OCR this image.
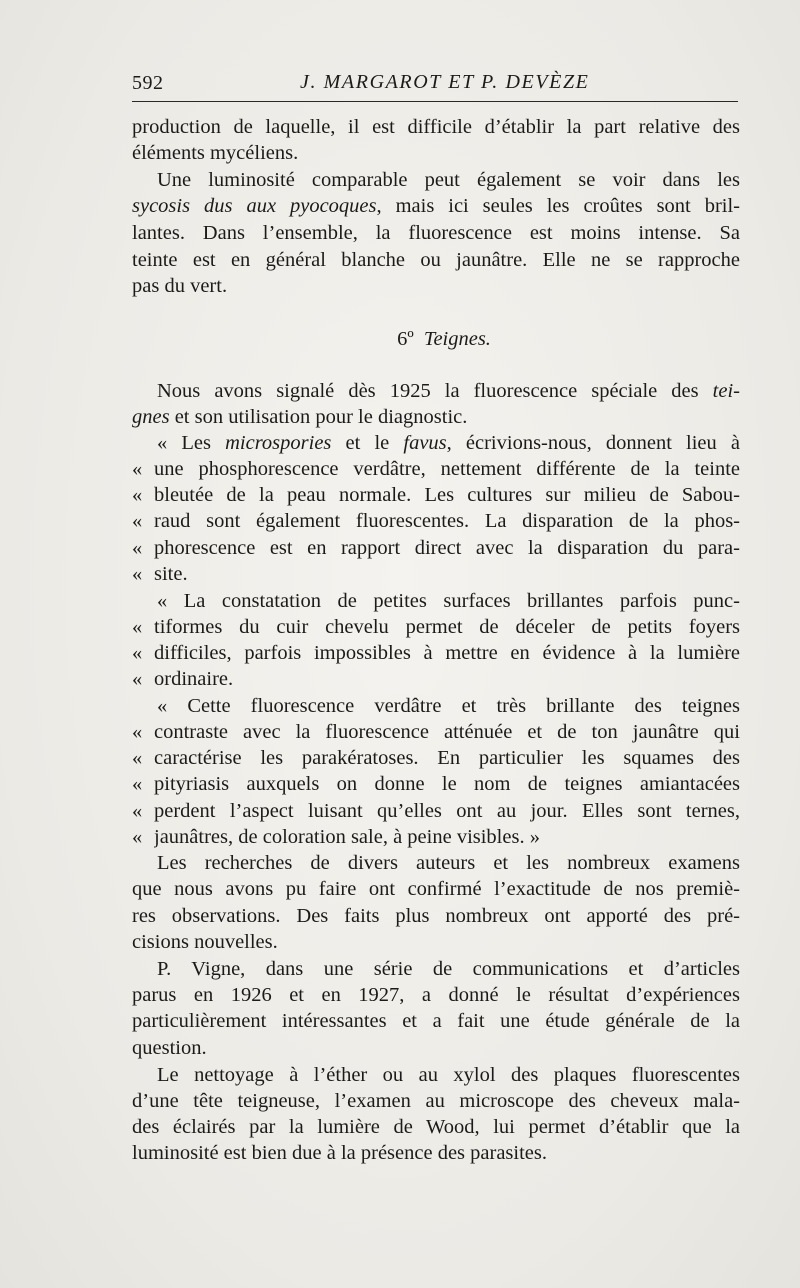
592	J. MARGAROT ET P. DEVÈZE
production de laquelle, il est difficile d’établir la part relative des
éléments mycéliens.
Une luminosité comparable peut également se voir dans les
sycosis dus aux pyocoques, mais ici seules les croûtes sont bril-
lantes. Dans l’ensemble, la fluorescence est moins intense. Sa
teinte est en général blanche ou jaunâtre. Elle ne se rapproche
pas du vert.
6º Teignes.
Nous avons signalé dès 1925 la fluorescence spéciale des tei-
gnes et son utilisation pour le diagnostic.
« Les microspories et le favus, écrivions-nous, donnent lieu à
« une phosphorescence verdâtre, nettement différente de la teinte
« bleutée de la peau normale. Les cultures sur milieu de Sabou-
« raud sont également fluorescentes. La disparation de la phos-
« phorescence est en rapport direct avec la disparation du para-
« site.
« La constatation de petites surfaces brillantes parfois punc-
« tiformes du cuir chevelu permet de déceler de petits foyers
« difficiles, parfois impossibles à mettre en évidence à la lumière
« ordinaire.
« Cette fluorescence verdâtre et très brillante des teignes
« contraste avec la fluorescence atténuée et de ton jaunâtre qui
« caractérise les parakératoses. En particulier les squames des
« pityriasis auxquels on donne le nom de teignes amiantacées
« perdent l’aspect luisant qu’elles ont au jour. Elles sont ternes,
« jaunâtres, de coloration sale, à peine visibles. »
Les recherches de divers auteurs et les nombreux examens
que nous avons pu faire ont confirmé l’exactitude de nos premiè-
res observations. Des faits plus nombreux ont apporté des pré-
cisions nouvelles.
P. Vigne, dans une série de communications et d’articles
parus en 1926 et en 1927, a donné le résultat d’expériences
particulièrement intéressantes et a fait une étude générale de la
question.
Le nettoyage à l’éther ou au xylol des plaques fluorescentes
d’une tête teigneuse, l’examen au microscope des cheveux mala-
des éclairés par la lumière de Wood, lui permet d’établir que la
luminosité est bien due à la présence des parasites.
